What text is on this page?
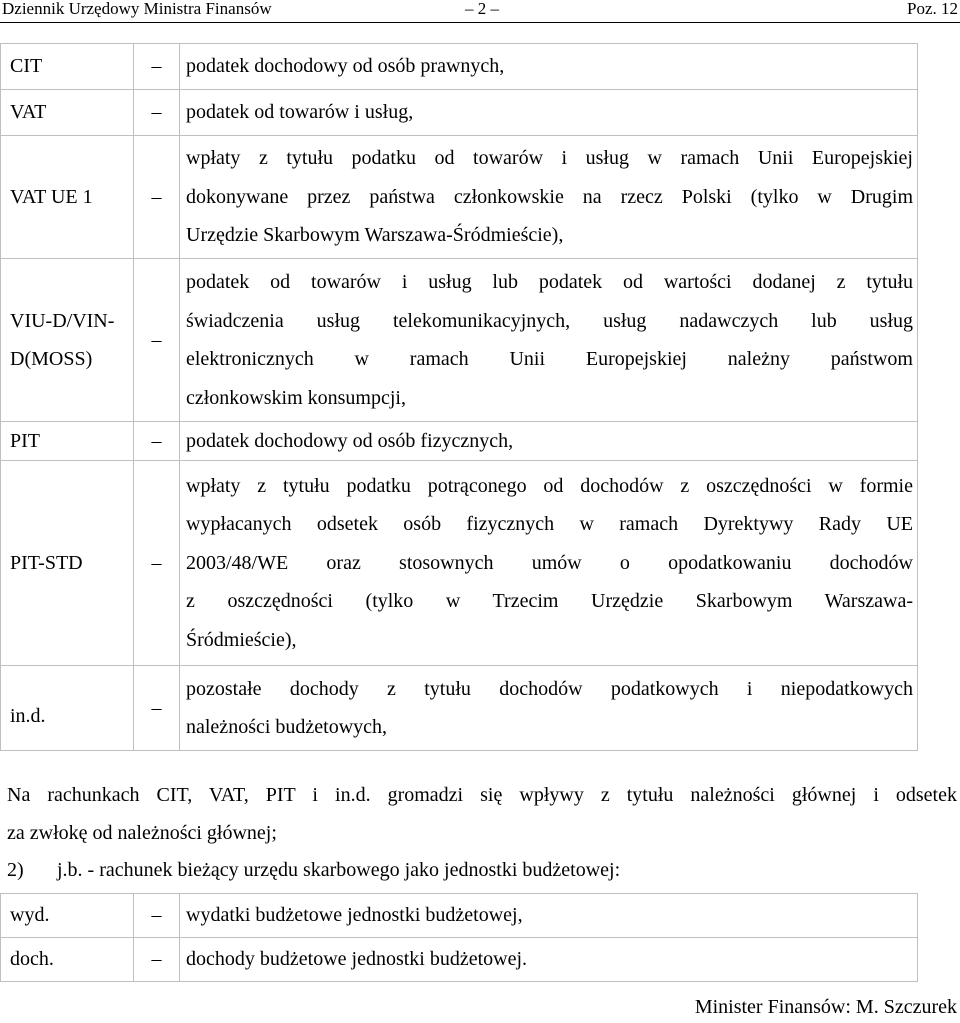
Dziennik Urzędowy Ministra Finansów	– 2 –	Poz. 12
CIT	–	podatek dochodowy od osób prawnych,
VAT	–	podatek od towarów i usług,
VAT UE 1	–	wpłaty z tytułu podatku od towarów i usług w ramach Unii Europejskiej
dokonywane przez państwa członkowskie na rzecz Polski (tylko w Drugim
Urzędzie Skarbowym Warszawa-Śródmieście),

VIU-D/VIN-
D(MOSS)	–	podatek od towarów i usług lub podatek od wartości dodanej z tytułu
świadczenia usług telekomunikacyjnych, usług nadawczych lub usług
elektronicznych w ramach Unii Europejskiej należny państwom
członkowskim konsumpcji,

PIT	–	podatek dochodowy od osób fizycznych,
PIT-STD	–	wpłaty z tytułu podatku potrąconego od dochodów z oszczędności w formie
wypłacanych odsetek osób fizycznych w ramach Dyrektywy Rady UE
2003/48/WE oraz stosownych umów o opodatkowaniu dochodów
z oszczędności (tylko w Trzecim Urzędzie Skarbowym Warszawa-
Śródmieście),

in.d.	–	pozostałe dochody z tytułu dochodów podatkowych i niepodatkowych
należności budżetowych,
Na rachunkach CIT, VAT, PIT i in.d. gromadzi się wpływy z tytułu należności głównej i odsetek
za zwłokę od należności głównej;
2) j.b. - rachunek bieżący urzędu skarbowego jako jednostki budżetowej:
wyd.	–	wydatki budżetowe jednostki budżetowej,
doch.	–	dochody budżetowe jednostki budżetowej.
Minister Finansów: M. Szczurek
